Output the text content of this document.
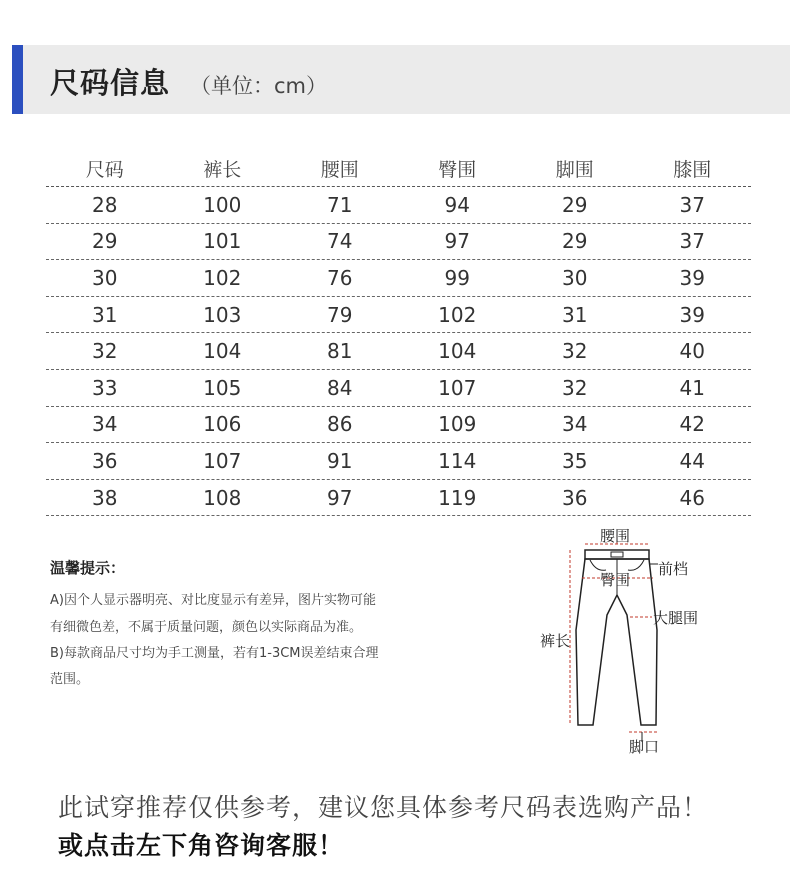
尺码信息 （单位：cm）
尺码	裤长	腰围	臀围	脚围	膝围
28	100	71	94	29	37
29	101	74	97	29	37
30	102	76	99	30	39
31	103	79	102	31	39
32	104	81	104	32	40
33	105	84	107	32	41
34	106	86	109	34	42
36	107	91	114	35	44
38	108	97	119	36	46
温馨提示：
A)因个人显示器明亮、对比度显示有差异，图片实物可能
有细微色差，不属于质量问题，颜色以实际商品为准。
B)每款商品尺寸均为手工测量，若有1-3CM误差结束合理
范围。
腰围
前档
臀围
大腿围
裤长
脚口
此试穿推荐仅供参考，建议您具体参考尺码表选购产品！
或点击左下角咨询客服！
